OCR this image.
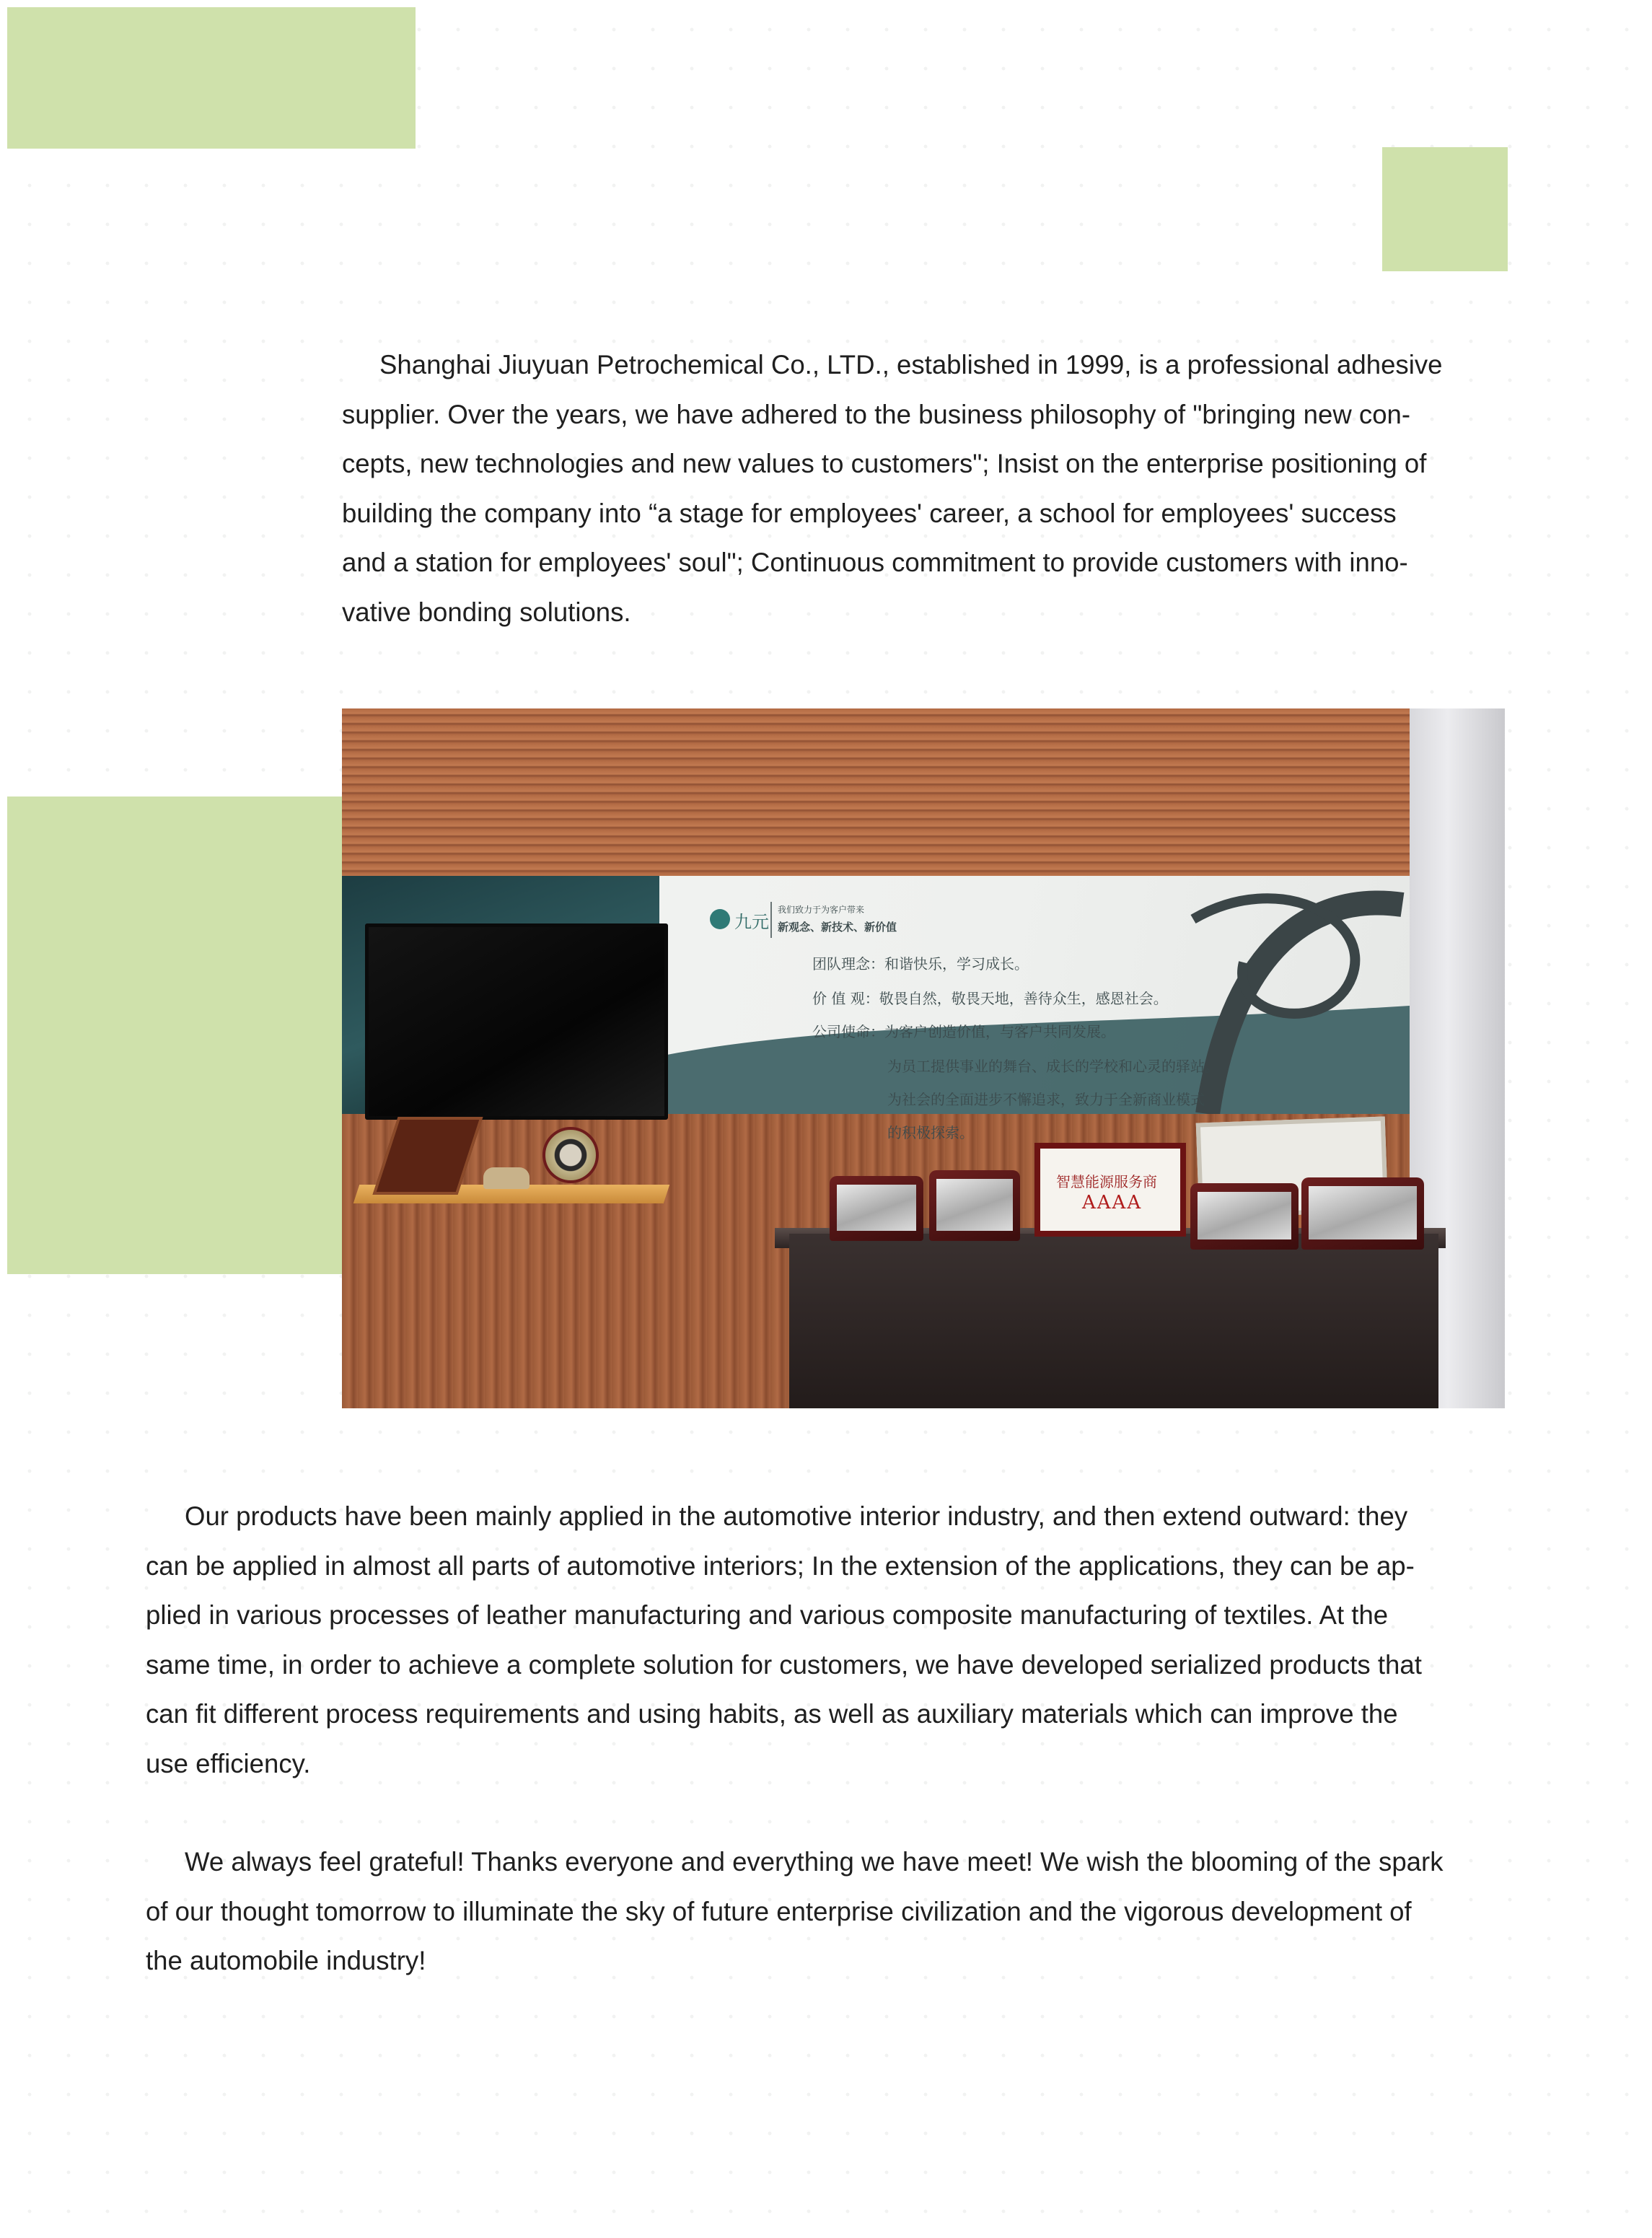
Shanghai Jiuyuan Petrochemical Co., LTD., established in 1999, is a professional adhesive
supplier. Over the years, we have adhered to the business philosophy of "bringing new con-
cepts, new technologies and new values to customers"; Insist on the enterprise positioning of
building the company into “a stage for employees' career, a school for employees' success
and a station for employees' soul"; Continuous commitment to provide customers with inno-
vative bonding solutions.
九元
我们致力于为客户带来
新观念、新技术、新价值
团队理念：和谐快乐，学习成长。
价 值 观：敬畏自然，敬畏天地，善待众生，感恩社会。
公司使命：为客户创造价值，与客户共同发展。
为员工提供事业的舞台、成长的学校和心灵的驿站。
为社会的全面进步不懈追求，致力于全新商业模式
的积极探索。
智慧能源服务商
AAAA
Our products have been mainly applied in the automotive interior industry, and then extend outward: they
can be applied in almost all parts of automotive interiors; In the extension of the applications, they can be ap-
plied in various processes of leather manufacturing and various composite manufacturing of textiles. At the
same time, in order to achieve a complete solution for customers, we have developed serialized products that
can fit different process requirements and using habits, as well as auxiliary materials which can improve the
use efficiency.
We always feel grateful! Thanks everyone and everything we have meet! We wish the blooming of the spark
of our thought tomorrow to illuminate the sky of future enterprise civilization and the vigorous development of
the automobile industry!
